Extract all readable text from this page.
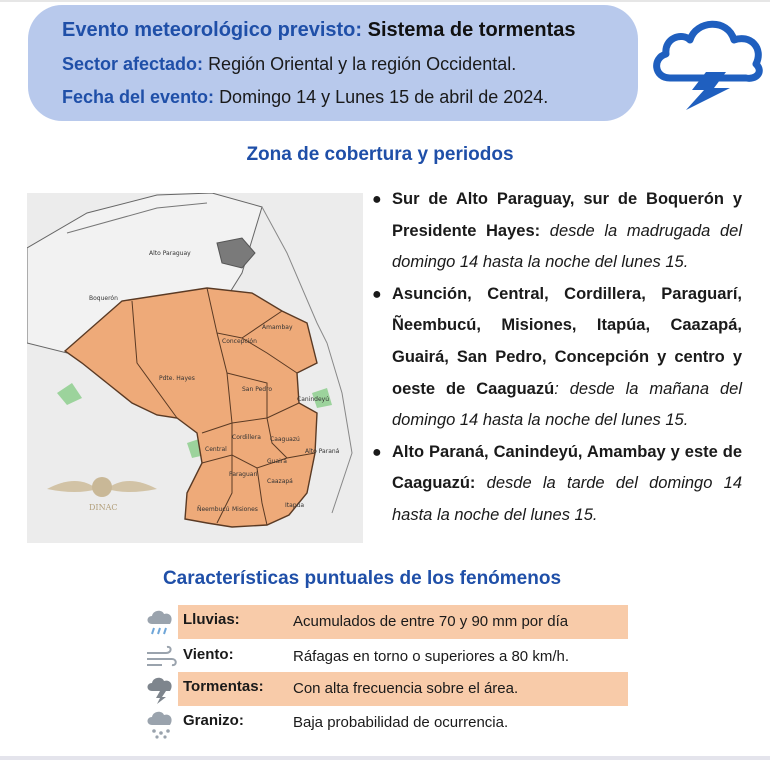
Evento meteorológico previsto: Sistema de tormentas
Sector afectado: Región Oriental y la región Occidental.
Fecha del evento: Domingo 14 y Lunes 15 de abril de 2024.
Zona de cobertura y periodos
Alto Paraguay
Boquerón
Pdte. Hayes
Concepción
Amambay
San Pedro
Canindeyú
Cordillera Caaguazú
Alto Paraná
Guairá
Caazapá
Paraguarí
Central
Itapúa
Misiones
Ñeembucú
DINAC
● Sur de Alto Paraguay, sur de Boquerón y Presidente Hayes: desde la madrugada del domingo 14 hasta la noche del lunes 15.
● Asunción, Central, Cordillera, Paraguarí, Ñeembucú, Misiones, Itapúa, Caazapá, Guairá, San Pedro, Concepción y centro y oeste de Caaguazú: desde la mañana del domingo 14 hasta la noche del lunes 15.
● Alto Paraná, Canindeyú, Amambay y este de Caaguazú: desde la tarde del domingo 14 hasta la noche del lunes 15.
Características puntuales de los fenómenos
Lluvias:	Acumulados de entre 70 y 90 mm por día
Viento:	Ráfagas en torno o superiores a 80 km/h.
Tormentas: Con alta frecuencia sobre el área.
Granizo:	Baja probabilidad de ocurrencia.
